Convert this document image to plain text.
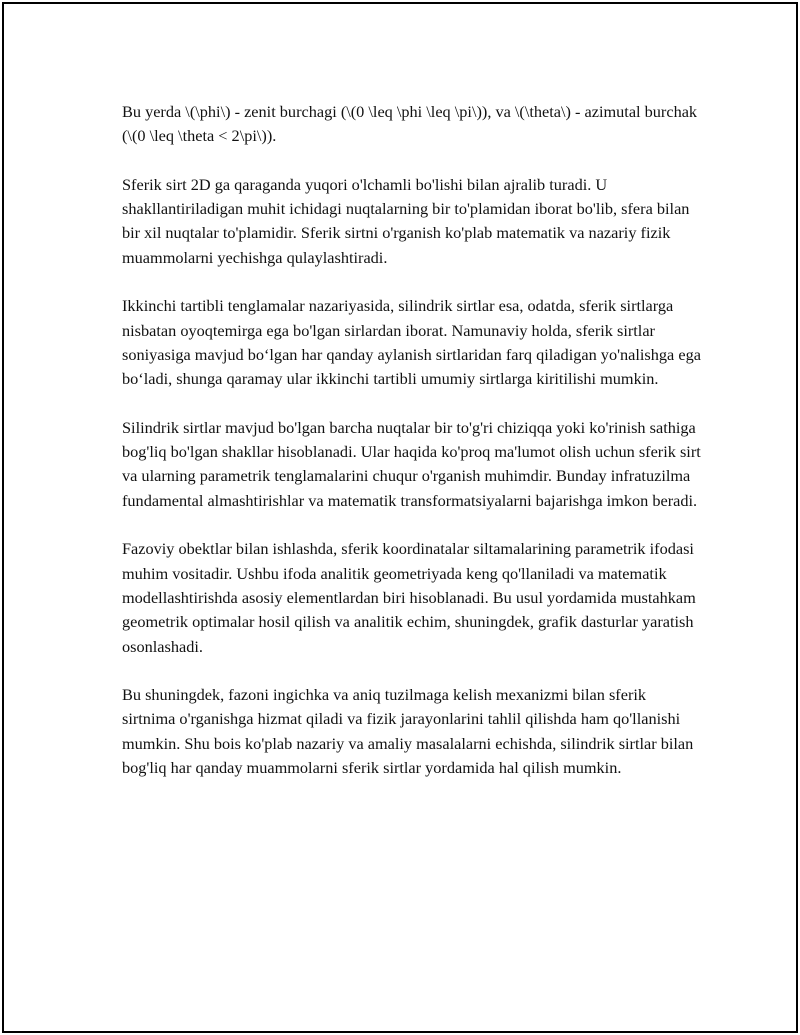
Bu yerda \(\phi\) - zenit burchagi (\(0 \leq \phi \leq \pi\)), va \(\theta\) - azimutal burchak (\(0 \leq \theta < 2\pi\)).

Sferik sirt 2D ga qaraganda yuqori o'lchamli bo'lishi bilan ajralib turadi. U shakllantiriladigan muhit ichidagi nuqtalarning bir to'plamidan iborat bo'lib, sfera bilan bir xil nuqtalar to'plamidir. Sferik sirtni o'rganish ko'plab matematik va nazariy fizik muammolarni yechishga qulaylashtiradi.

Ikkinchi tartibli tenglamalar nazariyasida, silindrik sirtlar esa, odatda, sferik sirtlarga nisbatan oyoqtemirga ega bo'lgan sirlardan iborat. Namunaviy holda, sferik sirtlar soniyasiga mavjud bo‘lgan har qanday aylanish sirtlaridan farq qiladigan yo'nalishga ega bo‘ladi, shunga qaramay ular ikkinchi tartibli umumiy sirtlarga kiritilishi mumkin.

Silindrik sirtlar mavjud bo'lgan barcha nuqtalar bir to'g'ri chiziqqa yoki ko'rinish sathiga bog'liq bo'lgan shakllar hisoblanadi. Ular haqida ko'proq ma'lumot olish uchun sferik sirt va ularning parametrik tenglamalarini chuqur o'rganish muhimdir. Bunday infratuzilma fundamental almashtirishlar va matematik transformatsiyalarni bajarishga imkon beradi.

Fazoviy obektlar bilan ishlashda, sferik koordinatalar siltamalarining parametrik ifodasi muhim vositadir. Ushbu ifoda analitik geometriyada keng qo'llaniladi va matematik modellashtirishda asosiy elementlardan biri hisoblanadi. Bu usul yordamida mustahkam geometrik optimalar hosil qilish va analitik echim, shuningdek, grafik dasturlar yaratish osonlashadi.

Bu shuningdek, fazoni ingichka va aniq tuzilmaga kelish mexanizmi bilan sferik sirtnima o'rganishga hizmat qiladi va fizik jarayonlarini tahlil qilishda ham qo'llanishi mumkin. Shu bois ko'plab nazariy va amaliy masalalarni echishda, silindrik sirtlar bilan bog'liq har qanday muammolarni sferik sirtlar yordamida hal qilish mumkin.
